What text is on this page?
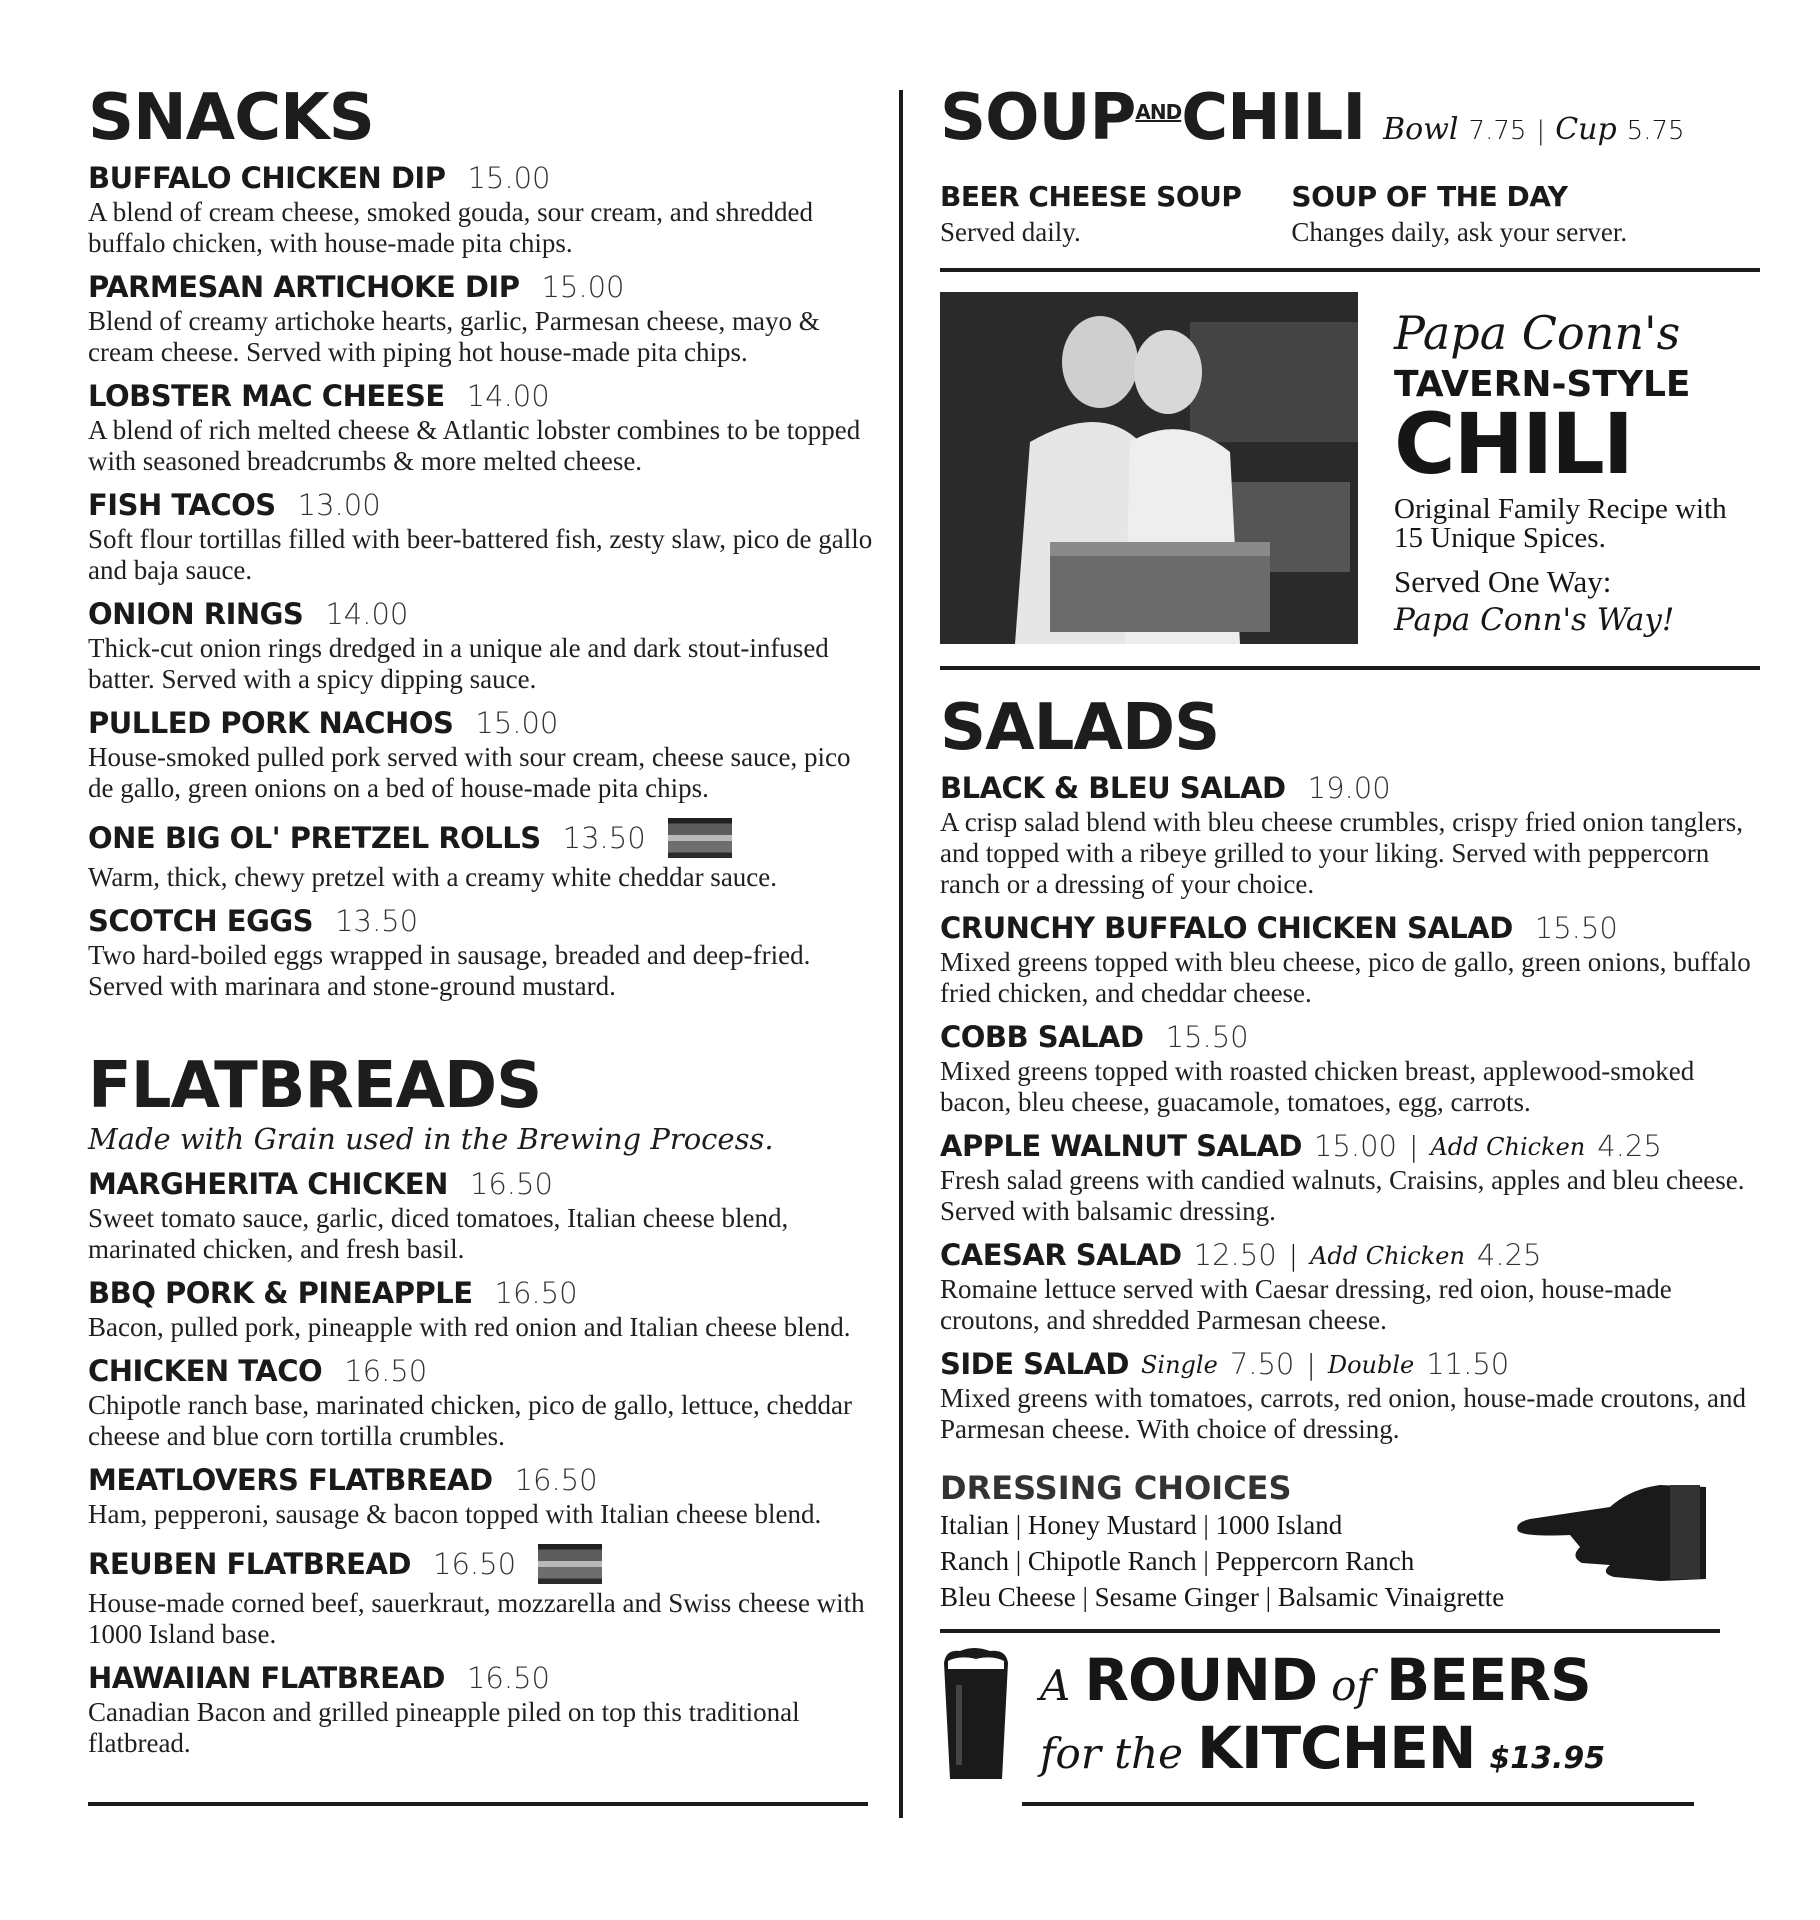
SNACKS
BUFFALO CHICKEN DIP 15.00
A blend of cream cheese, smoked gouda, sour cream, and shredded buffalo chicken, with house-made pita chips.
PARMESAN ARTICHOKE DIP 15.00
Blend of creamy artichoke hearts, garlic, Parmesan cheese, mayo & cream cheese. Served with piping hot house-made pita chips.
LOBSTER MAC CHEESE 14.00
A blend of rich melted cheese & Atlantic lobster combines to be topped with seasoned breadcrumbs & more melted cheese.
FISH TACOS 13.00
Soft flour tortillas filled with beer-battered fish, zesty slaw, pico de gallo and baja sauce.
ONION RINGS 14.00
Thick-cut onion rings dredged in a unique ale and dark stout-infused batter. Served with a spicy dipping sauce.
PULLED PORK NACHOS 15.00
House-smoked pulled pork served with sour cream, cheese sauce, pico de gallo, green onions on a bed of house-made pita chips.
ONE BIG OL' PRETZEL ROLLS 13.50
Warm, thick, chewy pretzel with a creamy white cheddar sauce.
SCOTCH EGGS 13.50
Two hard-boiled eggs wrapped in sausage, breaded and deep-fried. Served with marinara and stone-ground mustard.
FLATBREADS
Made with Grain used in the Brewing Process.
MARGHERITA CHICKEN 16.50
Sweet tomato sauce, garlic, diced tomatoes, Italian cheese blend, marinated chicken, and fresh basil.
BBQ PORK & PINEAPPLE 16.50
Bacon, pulled pork, pineapple with red onion and Italian cheese blend.
CHICKEN TACO 16.50
Chipotle ranch base, marinated chicken, pico de gallo, lettuce, cheddar cheese and blue corn tortilla crumbles.
MEATLOVERS FLATBREAD 16.50
Ham, pepperoni, sausage & bacon topped with Italian cheese blend.
REUBEN FLATBREAD 16.50
House-made corned beef, sauerkraut, mozzarella and Swiss cheese with 1000 Island base.
HAWAIIAN FLATBREAD 16.50
Canadian Bacon and grilled pineapple piled on top this traditional flatbread.
$SOUP^{AND}CHILI$ Bowl 7.75 | Cup 5.75
BEER CHEESE SOUP
Served daily.
SOUP OF THE DAY
Changes daily, ask your server.
Papa Conn's
TAVERN-STYLE
CHILI
Original Family Recipe with 15 Unique Spices.
Served One Way:
Papa Conn's Way!
SALADS
BLACK & BLEU SALAD 19.00
A crisp salad blend with bleu cheese crumbles, crispy fried onion tanglers, and topped with a ribeye grilled to your liking. Served with peppercorn ranch or a dressing of your choice.
CRUNCHY BUFFALO CHICKEN SALAD 15.50
Mixed greens topped with bleu cheese, pico de gallo, green onions, buffalo fried chicken, and cheddar cheese.
COBB SALAD 15.50
Mixed greens topped with roasted chicken breast, applewood-smoked bacon, bleu cheese, guacamole, tomatoes, egg, carrots.
APPLE WALNUT SALAD 15.00 | Add Chicken 4.25
Fresh salad greens with candied walnuts, Craisins, apples and bleu cheese. Served with balsamic dressing.
CAESAR SALAD 12.50 | Add Chicken 4.25
Romaine lettuce served with Caesar dressing, red oion, house-made croutons, and shredded Parmesan cheese.
SIDE SALAD Single 7.50 | Double 11.50
Mixed greens with tomatoes, carrots, red onion, house-made croutons, and Parmesan cheese. With choice of dressing.
DRESSING CHOICES
Italian | Honey Mustard | 1000 Island
Ranch | Chipotle Ranch | Peppercorn Ranch
Bleu Cheese | Sesame Ginger | Balsamic Vinaigrette
A ROUND of BEERS
for the KITCHEN $13.95
